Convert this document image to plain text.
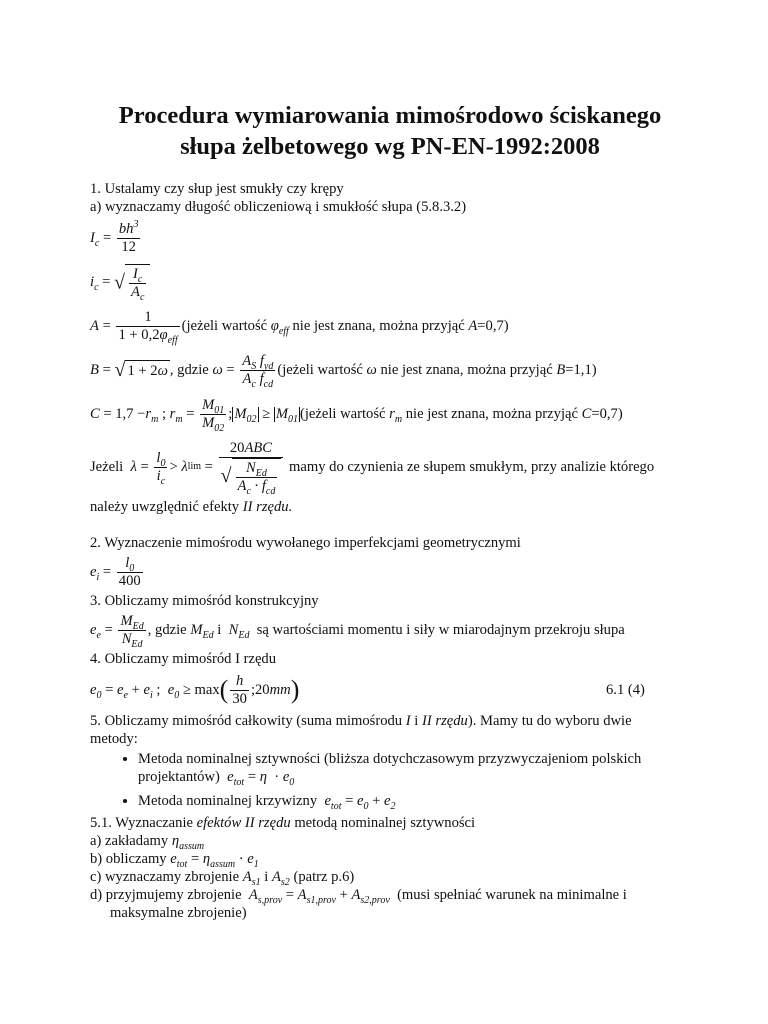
Procedura wymiarowania mimośrodowo ściskanego
słupa żelbetowego wg PN-EN-1992:2008
1. Ustalamy czy słup jest smukły czy krępy
a) wyznaczamy długość obliczeniową i smukłość słupa (5.8.3.2)
$I_c$ =
$bh^3$
12
$i_c$ = √ $\frac{I_c}{A_c}$
A =
1
$1 + 0,2\varphi_{eff}$
(jeżeli wartość
$\varphi_{eff}$
nie jest znana, można przyjąć
A =0,7)
B = √ 1 + 2ω , gdzie
ω =
$A_S$ $f_{yd}$
$A_c$ $f_{cd}$
(jeżeli wartość
ω
nie jest znana, można przyjąć
B =1,1)
$C = 1,7 - r_m$ ; $r_m$ =
$M_{01}$
$M_{02}$
; $M_{02} \ge M_{01}$ (jeżeli wartość
$r_m$
nie jest znana, można przyjąć
C =0,7)
Jeżeli
λ =
$l_0$
$i_c$
> λ lim =
20ABC
√ $N_{Ed}$
$A_c \cdot f_{cd}$

mamy do czynienia ze słupem smukłym, przy analizie którego
należy uwzględnić efekty II rzędu.
2. Wyznaczenie mimośrodu wywołanego imperfekcjami geometrycznymi
$e_i$ =
$l_0$
400
3. Obliczamy mimośród konstrukcyjny
$e_e$ =
$M_{Ed}$
$N_{Ed}$
, gdzie
$M_{Ed}$
i
$N_{Ed}$
są wartościami momentu i siły w miarodajnym przekroju słupa
4. Obliczamy mimośród I rzędu
$e_0 = e_e + e_i$ ; $e_0 \ge \max$ ( h
30
;20 mm )	6.1 (4)
5. Obliczamy mimośród całkowity (suma mimośrodu I i II rzędu). Mamy tu do wyboru dwie
metody:
• Metoda nominalnej sztywności (bliższa dotychczasowym przyzwyczajeniom polskich
projektantów) $e_{tot} = \eta \cdot e_0$
• Metoda nominalnej krzywizny $e_{tot} = e_0 + e_2$
5.1. Wyznaczanie efektów II rzędu metodą nominalnej sztywności
a) zakładamy $\eta_{assum}$
b) obliczamy $e_{tot} = \eta_{assum} \cdot e_1$
c) wyznaczamy zbrojenie $A_{s1}$ i $A_{s2}$ (patrz p.6)
d) przyjmujemy zbrojenie $A_{s,prov} = A_{s1,prov} + A_{s2,prov}$ (musi spełniać warunek na minimalne i
maksymalne zbrojenie)
